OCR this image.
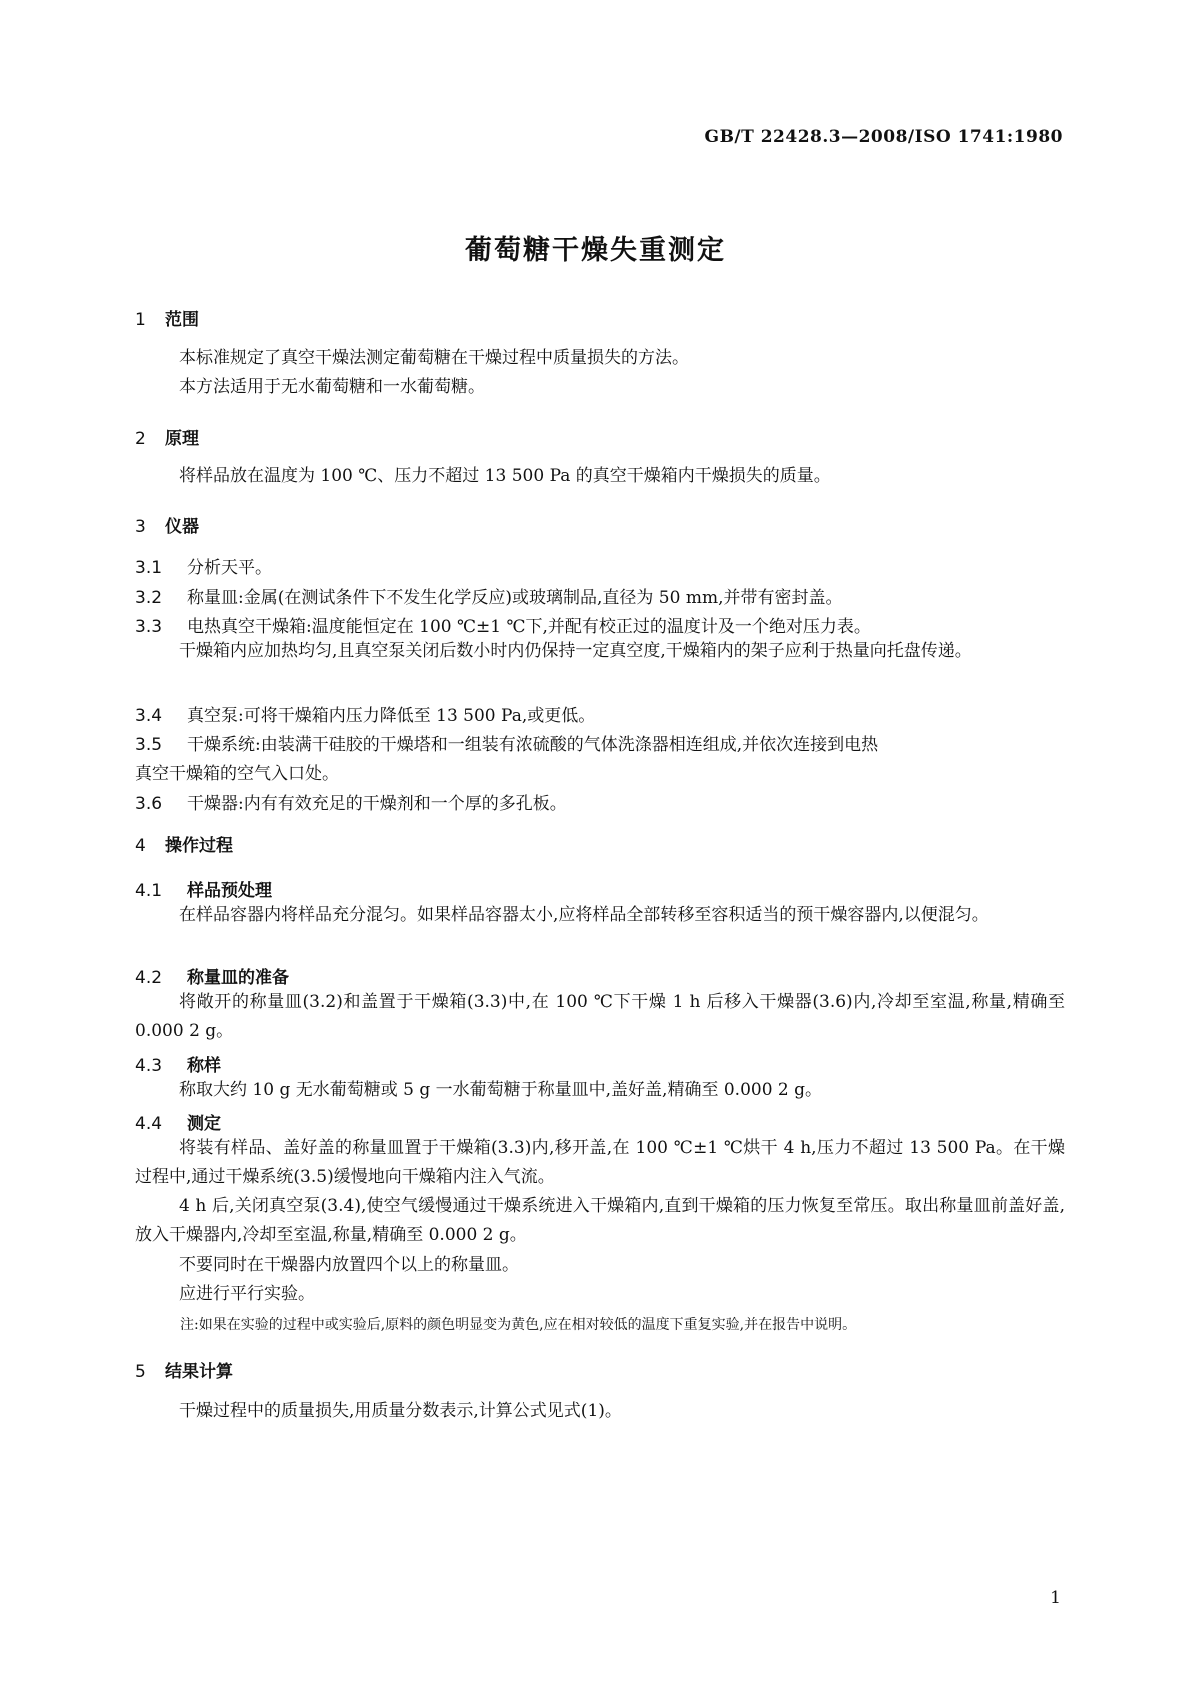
GB/T 22428.3—2008/ISO 1741:1980
葡萄糖干燥失重测定
1 范围
本标准规定了真空干燥法测定葡萄糖在干燥过程中质量损失的方法。
本方法适用于无水葡萄糖和一水葡萄糖。
2 原理
将样品放在温度为 100 ℃、压力不超过 13 500 Pa 的真空干燥箱内干燥损失的质量。
3 仪器
3.1 分析天平。
3.2 称量皿:金属(在测试条件下不发生化学反应)或玻璃制品,直径为 50 mm,并带有密封盖。
3.3 电热真空干燥箱:温度能恒定在 100 ℃±1 ℃下,并配有校正过的温度计及一个绝对压力表。
干燥箱内应加热均匀,且真空泵关闭后数小时内仍保持一定真空度,干燥箱内的架子应利于热量向托盘传递。
3.4 真空泵:可将干燥箱内压力降低至 13 500 Pa,或更低。
3.5 干燥系统:由装满干硅胶的干燥塔和一组装有浓硫酸的气体洗涤器相连组成,并依次连接到电热
真空干燥箱的空气入口处。
3.6 干燥器:内有有效充足的干燥剂和一个厚的多孔板。
4 操作过程
4.1 样品预处理
在样品容器内将样品充分混匀。如果样品容器太小,应将样品全部转移至容积适当的预干燥容器内,以便混匀。
4.2 称量皿的准备
将敞开的称量皿(3.2)和盖置于干燥箱(3.3)中,在 100 ℃下干燥 1 h 后移入干燥器(3.6)内,冷却至室温,称量,精确至 0.000 2 g。
4.3 称样
称取大约 10 g 无水葡萄糖或 5 g 一水葡萄糖于称量皿中,盖好盖,精确至 0.000 2 g。
4.4 测定
将装有样品、盖好盖的称量皿置于干燥箱(3.3)内,移开盖,在 100 ℃±1 ℃烘干 4 h,压力不超过 13 500 Pa。在干燥过程中,通过干燥系统(3.5)缓慢地向干燥箱内注入气流。
4 h 后,关闭真空泵(3.4),使空气缓慢通过干燥系统进入干燥箱内,直到干燥箱的压力恢复至常压。取出称量皿前盖好盖,放入干燥器内,冷却至室温,称量,精确至 0.000 2 g。
不要同时在干燥器内放置四个以上的称量皿。
应进行平行实验。
注:如果在实验的过程中或实验后,原料的颜色明显变为黄色,应在相对较低的温度下重复实验,并在报告中说明。
5 结果计算
干燥过程中的质量损失,用质量分数表示,计算公式见式(1)。
1
